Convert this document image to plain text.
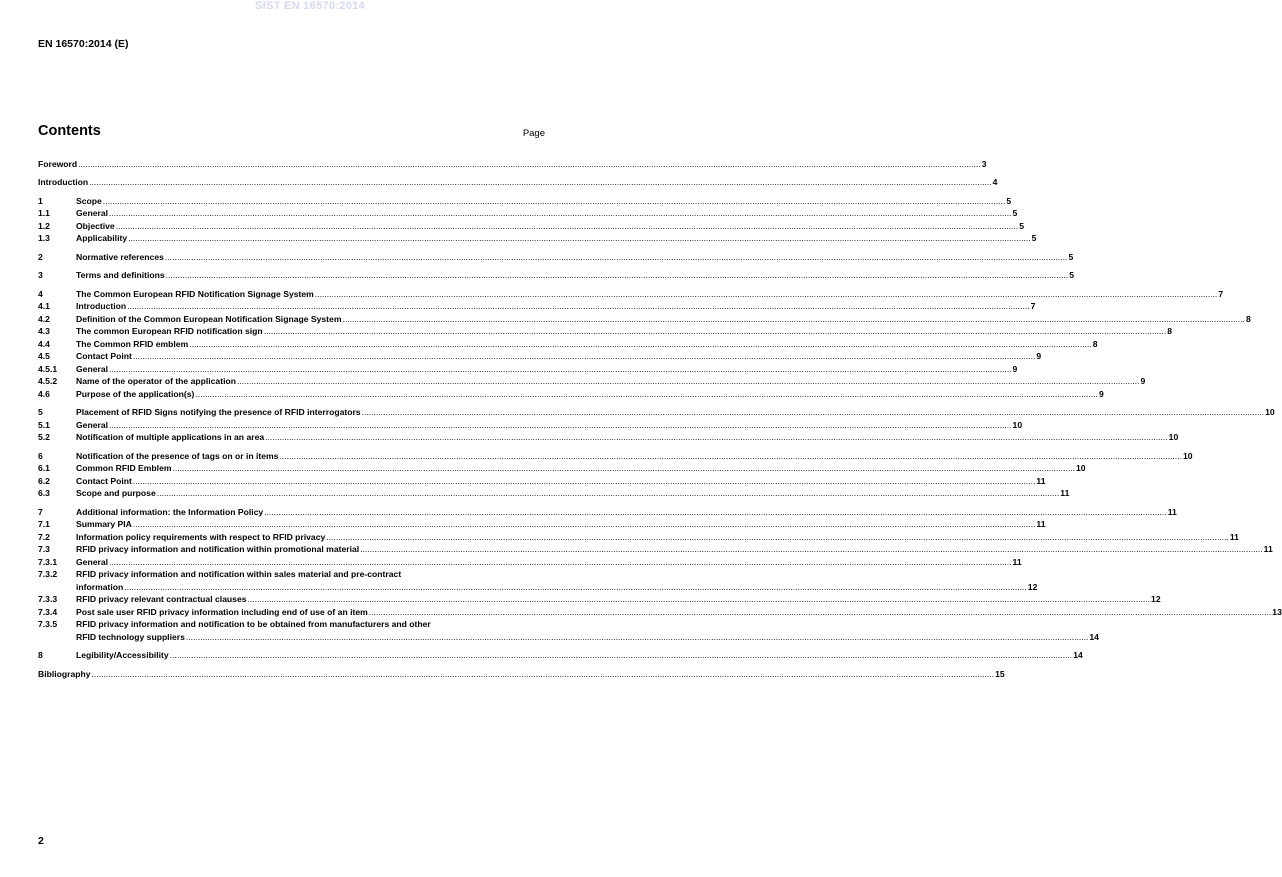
SIST EN 16570:2014
EN 16570:2014 (E)
Contents	Page
Foreword .....	3
Introduction .....	4
1	Scope .....	5
1.1	General .....	5
1.2	Objective .....	5
1.3	Applicability .....	5
2	Normative references .....	5
3	Terms and definitions .....	5
4	The Common European RFID Notification Signage System .....	7
4.1	Introduction .....	7
4.2	Definition of the Common European Notification Signage System .....	8
4.3	The common European RFID notification sign .....	8
4.4	The Common RFID emblem .....	8
4.5	Contact Point .....	9
4.5.1	General .....	9
4.5.2	Name of the operator of the application .....	9
4.6	Purpose of the application(s) .....	9
5	Placement of RFID Signs notifying the presence of RFID interrogators .....	10
5.1	General .....	10
5.2	Notification of multiple applications in an area .....	10
6	Notification of the presence of tags on or in items .....	10
6.1	Common RFID Emblem .....	10
6.2	Contact Point .....	11
6.3	Scope and purpose .....	11
7	Additional information: the Information Policy .....	11
7.1	Summary PIA .....	11
7.2	Information policy requirements with respect to RFID privacy .....	11
7.3	RFID privacy information and notification within promotional material .....	11
7.3.1	General .....	11
7.3.2	RFID privacy information and notification within sales material and pre-contract
information .....	12
7.3.3	RFID privacy relevant contractual clauses .....	12
7.3.4	Post sale user RFID privacy information including end of use of an item .....	13
7.3.5	RFID privacy information and notification to be obtained from manufacturers and other
RFID technology suppliers .....	14
8	Legibility/Accessibility .....	14
Bibliography .....	15
2
